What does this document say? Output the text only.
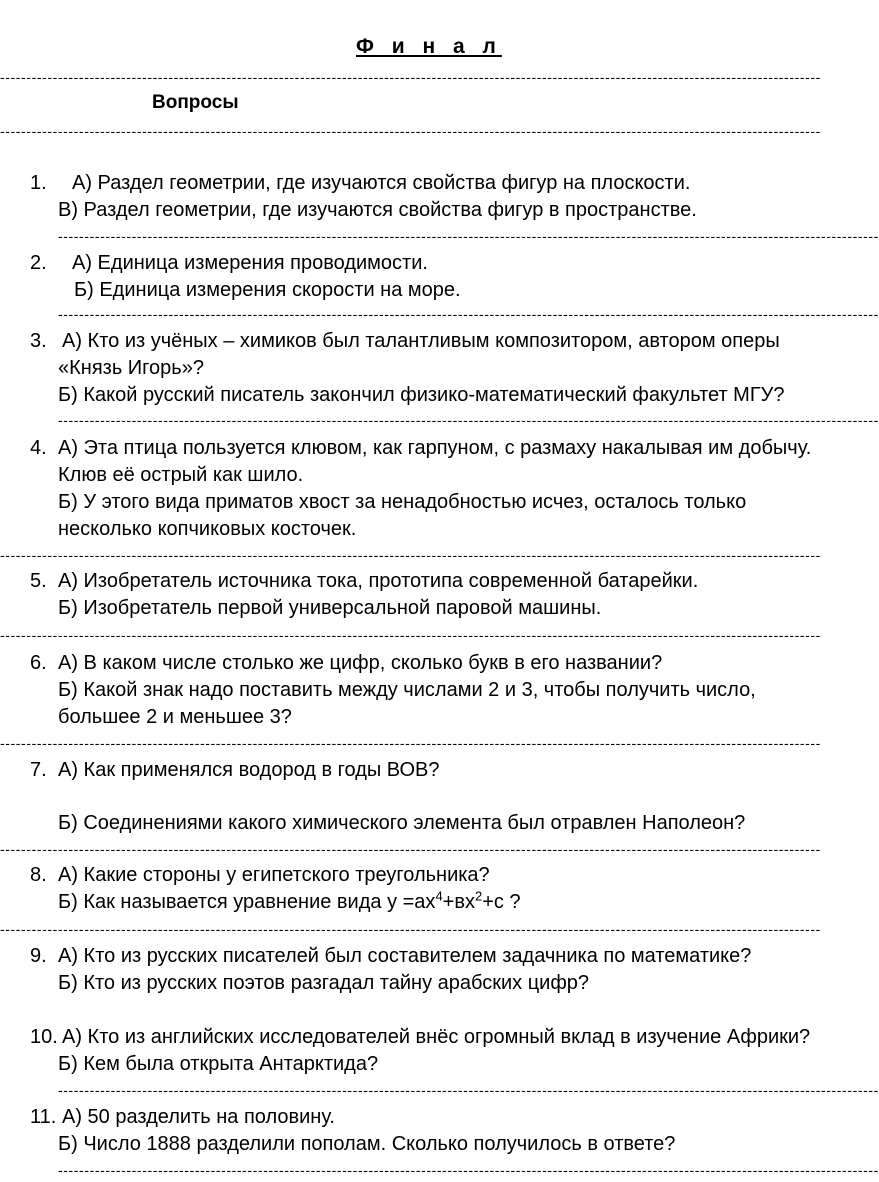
Ф и н а л
------------------------------------------------------------------------------------------------------------------------------------------------------------
Вопросы
------------------------------------------------------------------------------------------------------------------------------------------------------------
1. А) Раздел геометрии, где изучаются свойства фигур на плоскости.
В) Раздел геометрии, где изучаются свойства фигур в пространстве.
------------------------------------------------------------------------------------------------------------------------------------------------------------
2. А) Единица измерения проводимости.
Б) Единица измерения скорости на море.
------------------------------------------------------------------------------------------------------------------------------------------------------------
3. А) Кто из учёных – химиков был талантливым композитором, автором оперы
«Князь Игорь»?
Б) Какой русский писатель закончил физико-математический факультет МГУ?
------------------------------------------------------------------------------------------------------------------------------------------------------------
4. А) Эта птица пользуется клювом, как гарпуном, с размаху накалывая им добычу.
Клюв её острый как шило.
Б) У этого вида приматов хвост за ненадобностью исчез, осталось только
несколько копчиковых косточек.
------------------------------------------------------------------------------------------------------------------------------------------------------------
5. А) Изобретатель источника тока, прототипа современной батарейки.
Б) Изобретатель первой универсальной паровой машины.
------------------------------------------------------------------------------------------------------------------------------------------------------------
6. А) В каком числе столько же цифр, сколько букв в его названии?
Б) Какой знак надо поставить между числами 2 и 3, чтобы получить число,
большее 2 и меньшее 3?
------------------------------------------------------------------------------------------------------------------------------------------------------------
7. А) Как применялся водород в годы ВОВ?
Б) Соединениями какого химического элемента был отравлен Наполеон?
------------------------------------------------------------------------------------------------------------------------------------------------------------
8. А) Какие стороны у египетского треугольника?
Б) Как называется уравнение вида $у =ах^4+вх^2+с$ ?
------------------------------------------------------------------------------------------------------------------------------------------------------------
9. А) Кто из русских писателей был составителем задачника по математике?
Б) Кто из русских поэтов разгадал тайну арабских цифр?
10. А) Кто из английских исследователей внёс огромный вклад в изучение Африки?
Б) Кем была открыта Антарктида?
------------------------------------------------------------------------------------------------------------------------------------------------------------
11. А) 50 разделить на половину.
Б) Число 1888 разделили пополам. Сколько получилось в ответе?
------------------------------------------------------------------------------------------------------------------------------------------------------------
